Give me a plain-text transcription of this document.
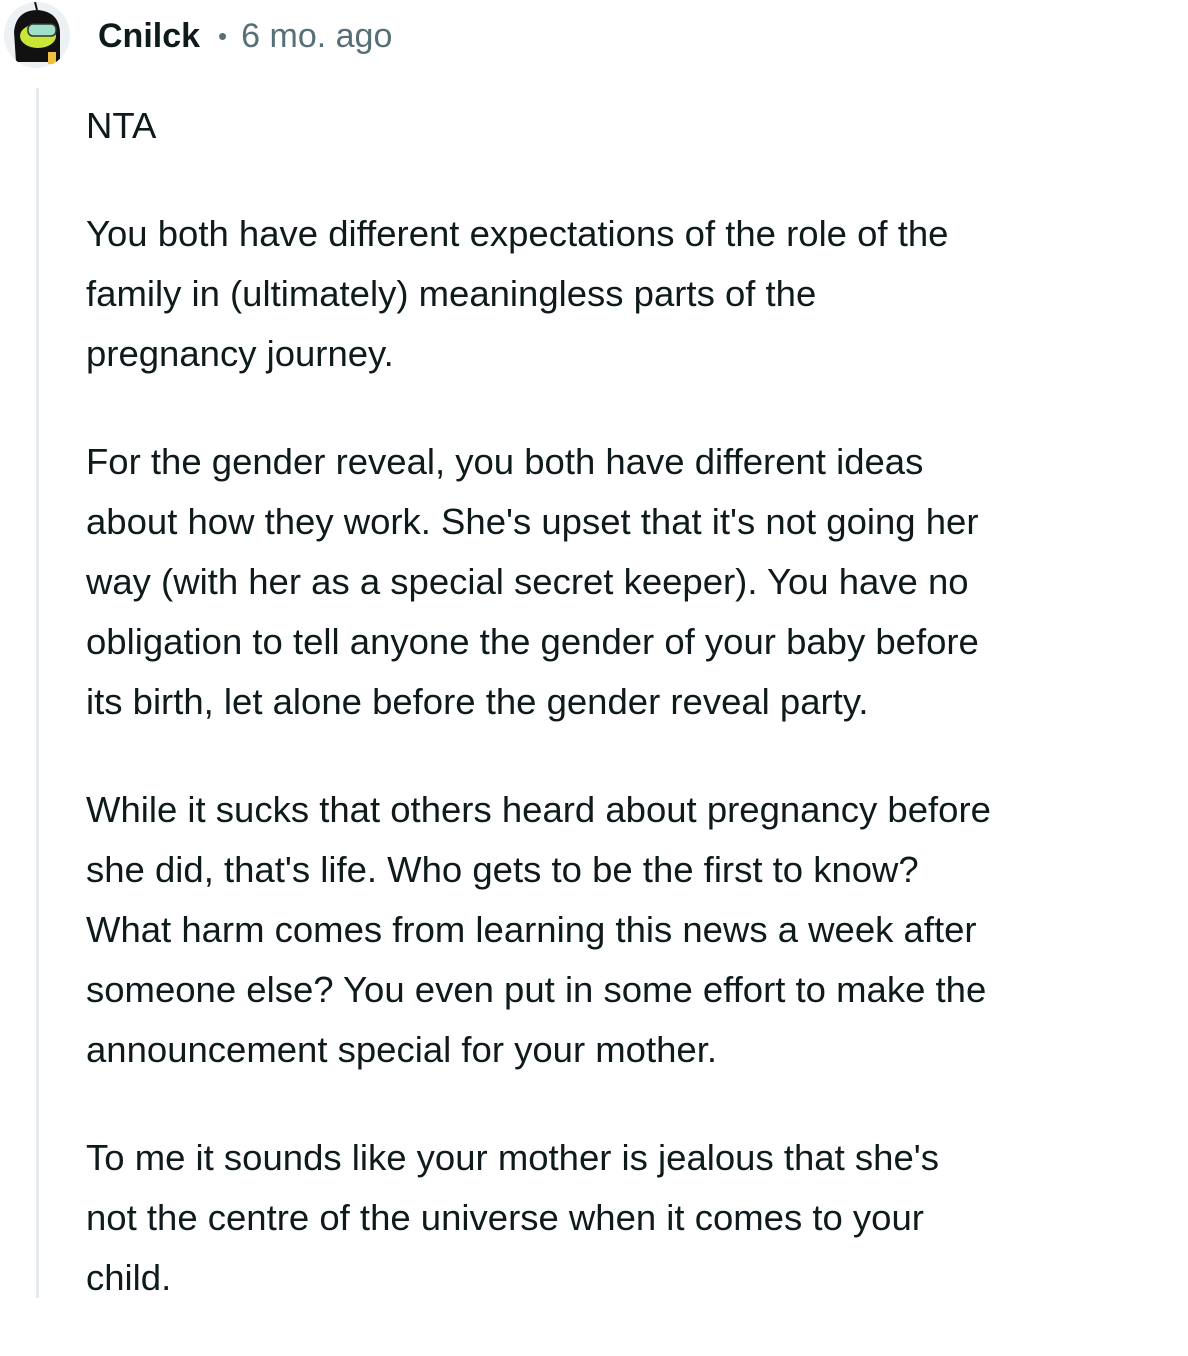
Cnilck • 6 mo. ago
NTA
You both have different expectations of the role of the
family in (ultimately) meaningless parts of the
pregnancy journey.
For the gender reveal, you both have different ideas
about how they work. She's upset that it's not going her
way (with her as a special secret keeper). You have no
obligation to tell anyone the gender of your baby before
its birth, let alone before the gender reveal party.
While it sucks that others heard about pregnancy before
she did, that's life. Who gets to be the first to know?
What harm comes from learning this news a week after
someone else? You even put in some effort to make the
announcement special for your mother.
To me it sounds like your mother is jealous that she's
not the centre of the universe when it comes to your
child.
